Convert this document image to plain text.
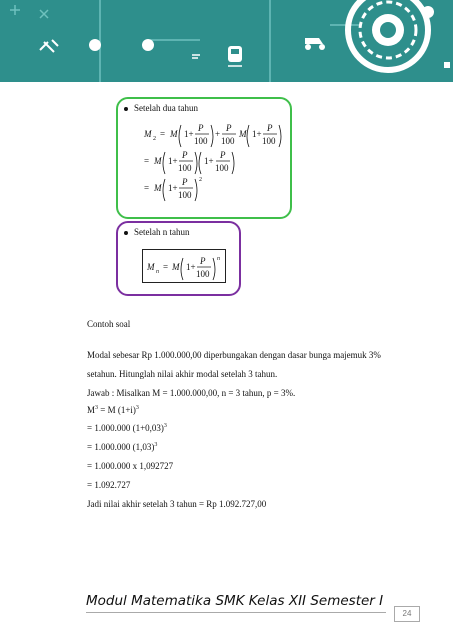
Setelah dua tahun
M 2 = M 1+
P
100
+
P
100
M 1+
P
100
= M 1+
P
100
1+
P
100
= M 1+
P
100
2
Setelah n tahun
M n = M 1+
P
100
n
Contoh soal
Modal sebesar Rp 1.000.000,00 diperbungakan dengan dasar bunga majemuk 3%
setahun. Hitunglah nilai akhir modal setelah 3 tahun.
Jawab : Misalkan M = 1.000.000,00, n = 3 tahun, p = 3%.
$M^3 = M$ $(1+i)^3$
= 1.000.000 $(1+0,03)^3$
= 1.000.000 $(1,03)^3$
= 1.000.000 x 1,092727
= 1.092.727
Jadi nilai akhir setelah 3 tahun = Rp 1.092.727,00
Modul Matematika SMK Kelas XII Semester I
24
